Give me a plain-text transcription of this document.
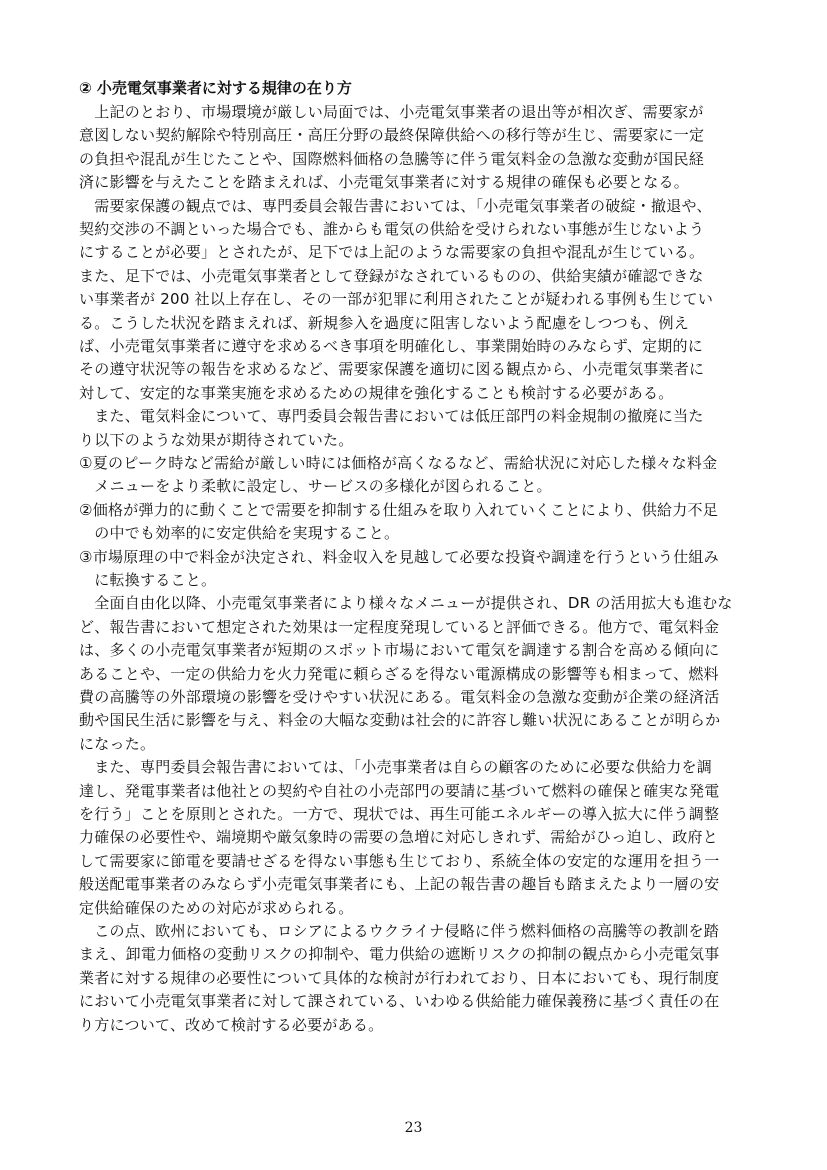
② 小売電気事業者に対する規律の在り方
　上記のとおり、市場環境が厳しい局面では、小売電気事業者の退出等が相次ぎ、需要家が
意図しない契約解除や特別高圧・高圧分野の最終保障供給への移行等が生じ、需要家に一定
の負担や混乱が生じたことや、国際燃料価格の急騰等に伴う電気料金の急激な変動が国民経
済に影響を与えたことを踏まえれば、小売電気事業者に対する規律の確保も必要となる。
　需要家保護の観点では、専門委員会報告書においては、「小売電気事業者の破綻・撤退や、
契約交渉の不調といった場合でも、誰からも電気の供給を受けられない事態が生じないよう
にすることが必要」とされたが、足下では上記のような需要家の負担や混乱が生じている。
また、足下では、小売電気事業者として登録がなされているものの、供給実績が確認できな
い事業者が 200 社以上存在し、その一部が犯罪に利用されたことが疑われる事例も生じてい
る。こうした状況を踏まえれば、新規参入を過度に阻害しないよう配慮をしつつも、例え
ば、小売電気事業者に遵守を求めるべき事項を明確化し、事業開始時のみならず、定期的に
その遵守状況等の報告を求めるなど、需要家保護を適切に図る観点から、小売電気事業者に
対して、安定的な事業実施を求めるための規律を強化することも検討する必要がある。
　また、電気料金について、専門委員会報告書においては低圧部門の料金規制の撤廃に当た
り以下のような効果が期待されていた。
①夏のピーク時など需給が厳しい時には価格が高くなるなど、需給状況に対応した様々な料金
　メニューをより柔軟に設定し、サービスの多様化が図られること。
②価格が弾力的に動くことで需要を抑制する仕組みを取り入れていくことにより、供給力不足
　の中でも効率的に安定供給を実現すること。
③市場原理の中で料金が決定され、料金収入を見越して必要な投資や調達を行うという仕組み
　に転換すること。
　全面自由化以降、小売電気事業者により様々なメニューが提供され、DR の活用拡大も進むな
ど、報告書において想定された効果は一定程度発現していると評価できる。他方で、電気料金
は、多くの小売電気事業者が短期のスポット市場において電気を調達する割合を高める傾向に
あることや、一定の供給力を火力発電に頼らざるを得ない電源構成の影響等も相まって、燃料
費の高騰等の外部環境の影響を受けやすい状況にある。電気料金の急激な変動が企業の経済活
動や国民生活に影響を与え、料金の大幅な変動は社会的に許容し難い状況にあることが明らか
になった。
　また、専門委員会報告書においては、「小売事業者は自らの顧客のために必要な供給力を調
達し、発電事業者は他社との契約や自社の小売部門の要請に基づいて燃料の確保と確実な発電
を行う」ことを原則とされた。一方で、現状では、再生可能エネルギーの導入拡大に伴う調整
力確保の必要性や、端境期や厳気象時の需要の急増に対応しきれず、需給がひっ迫し、政府と
して需要家に節電を要請せざるを得ない事態も生じており、系統全体の安定的な運用を担う一
般送配電事業者のみならず小売電気事業者にも、上記の報告書の趣旨も踏まえたより一層の安
定供給確保のための対応が求められる。
　この点、欧州においても、ロシアによるウクライナ侵略に伴う燃料価格の高騰等の教訓を踏
まえ、卸電力価格の変動リスクの抑制や、電力供給の遮断リスクの抑制の観点から小売電気事
業者に対する規律の必要性について具体的な検討が行われており、日本においても、現行制度
において小売電気事業者に対して課されている、いわゆる供給能力確保義務に基づく責任の在
り方について、改めて検討する必要がある。
23
